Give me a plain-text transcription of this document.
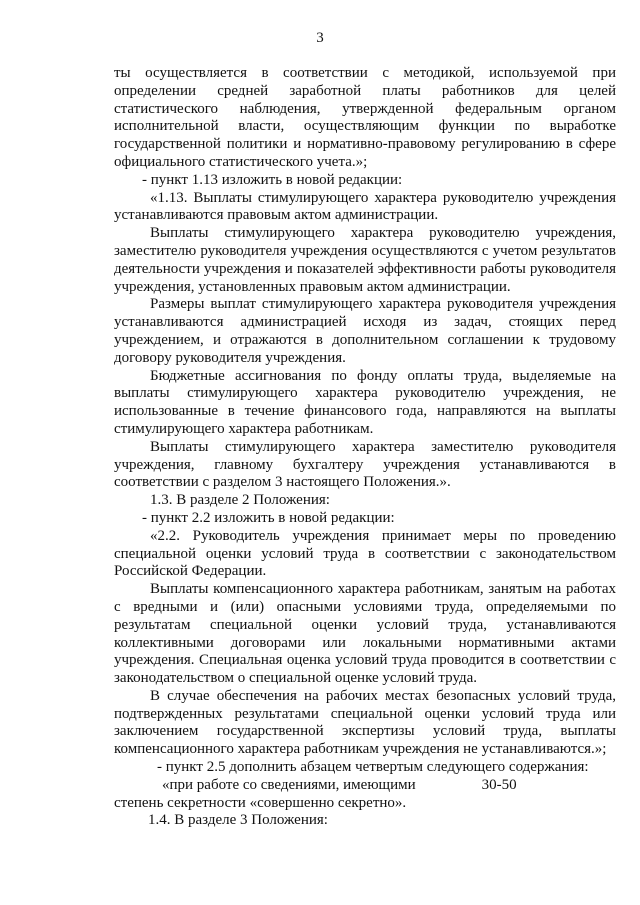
3

ты осуществляется в соответствии с методикой, используемой при определении средней заработной платы работников для целей статистического наблюдения, утвержденной федеральным органом исполнительной власти, осуществляющим функции по выработке государственной политики и нормативно-правовому регулированию в сфере официального статистического учета.»;

- пункт 1.13 изложить в новой редакции:

«1.13. Выплаты стимулирующего характера руководителю учреждения устанавливаются правовым актом администрации.

Выплаты стимулирующего характера руководителю учреждения, заместителю руководителя учреждения осуществляются с учетом результатов деятельности учреждения и показателей эффективности работы руководителя учреждения, установленных правовым актом администрации.

Размеры выплат стимулирующего характера руководителя учреждения устанавливаются администрацией исходя из задач, стоящих перед учреждением, и отражаются в дополнительном соглашении к трудовому договору руководителя учреждения.

Бюджетные ассигнования по фонду оплаты труда, выделяемые на выплаты стимулирующего характера руководителю учреждения, не использованные в течение финансового года, направляются на выплаты стимулирующего характера работникам.

Выплаты стимулирующего характера заместителю руководителя учреждения, главному бухгалтеру учреждения устанавливаются в соответствии с разделом 3 настоящего Положения.».

1.3. В разделе 2 Положения:

- пункт 2.2 изложить в новой редакции:

«2.2. Руководитель учреждения принимает меры по проведению специальной оценки условий труда в соответствии с законодательством Российской Федерации.

Выплаты компенсационного характера работникам, занятым на работах с вредными и (или) опасными условиями труда, определяемыми по результатам специальной оценки условий труда, устанавливаются коллективными договорами или локальными нормативными актами учреждения. Специальная оценка условий труда проводится в соответствии с законодательством о специальной оценке условий труда.

В случае обеспечения на рабочих местах безопасных условий труда, подтвержденных результатами специальной оценки условий труда или заключением государственной экспертизы условий труда, выплаты компенсационного характера работникам учреждения не устанавливаются.»;

- пункт 2.5 дополнить абзацем четвертым следующего содержания:

«при работе со сведениями, имеющими	30-50

степень секретности «совершенно секретно».

1.4. В разделе 3 Положения:
